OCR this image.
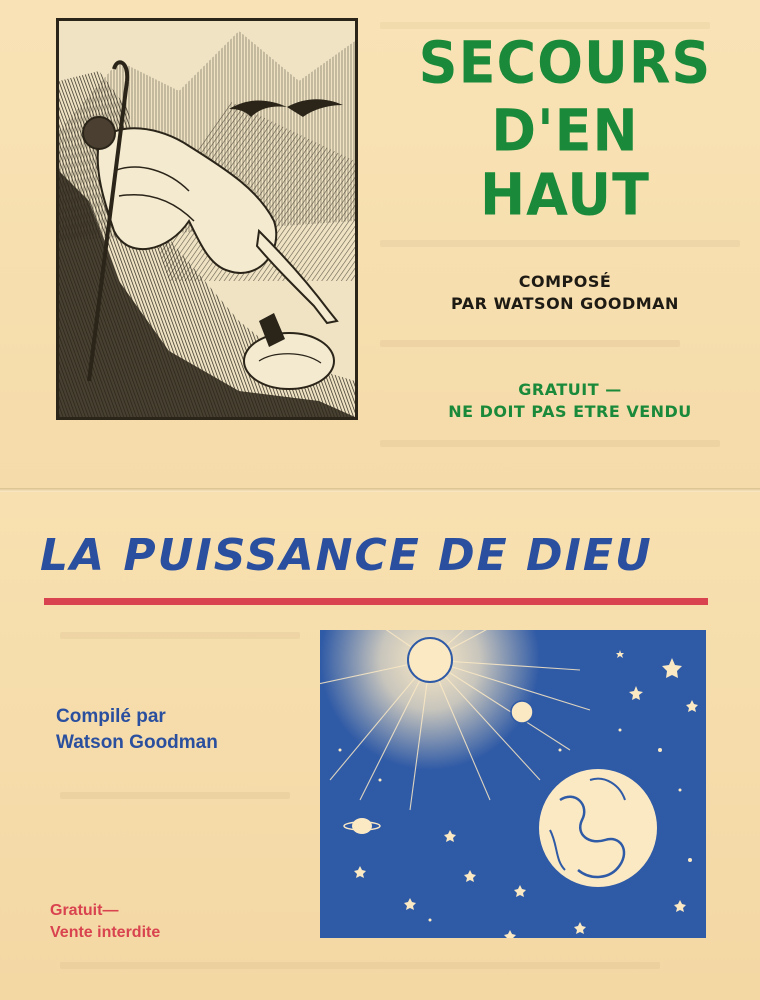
SECOURS
D'EN
HAUT
COMPOSÉ
PAR WATSON GOODMAN
GRATUIT —
NE DOIT PAS ETRE VENDU
LA PUISSANCE DE DIEU
Compilé par
Watson Goodman
Gratuit—
Vente interdite
